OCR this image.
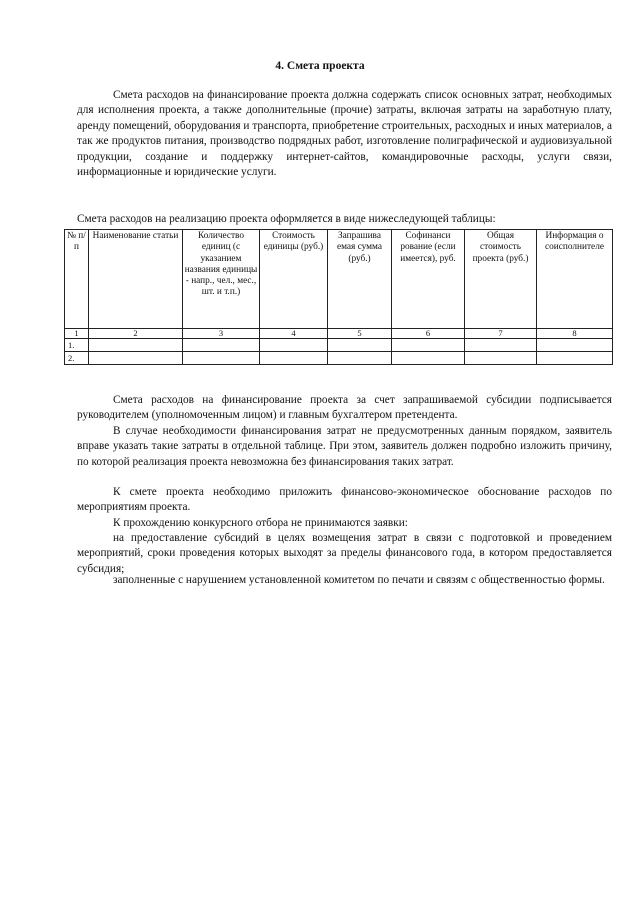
4. Смета проекта

Смета расходов на финансирование проекта должна содержать список основных затрат, необходимых для исполнения проекта, а также дополнительные (прочие) затраты, включая затраты на заработную плату, аренду помещений, оборудования и транспорта, приобретение строительных, расходных и иных материалов, а так же продуктов питания, производство подрядных работ, изготовление полиграфической и аудиовизуальной продукции, создание и поддержку интернет-сайтов, командировочные расходы, услуги связи, информационные и юридические услуги.

Смета расходов на реализацию проекта оформляется в виде нижеследующей таблицы:
№ п/п	Наименование статьи	Количество единиц (с указанием названия единицы - напр., чел., мес., шт. и т.п.)	Стоимость единицы (руб.)	Запрашива емая сумма (руб.)	Софинанси рование (если имеется), руб.	Общая стоимость проекта (руб.)	Информация о соисполнителе
1	2	3	4	5	6	7	8
1.							
2.							

Смета расходов на финансирование проекта за счет запрашиваемой субсидии подписывается руководителем (уполномоченным лицом) и главным бухгалтером претендента.

В случае необходимости финансирования затрат не предусмотренных данным порядком, заявитель вправе указать такие затраты в отдельной таблице. При этом, заявитель должен подробно изложить причину, по которой реализация проекта невозможна без финансирования таких затрат.

К смете проекта необходимо приложить финансово-экономическое обоснование расходов по мероприятиям проекта.

К прохождению конкурсного отбора не принимаются заявки:

на предоставление субсидий в целях возмещения затрат в связи с подготовкой и проведением мероприятий, сроки проведения которых выходят за пределы финансового года, в котором предоставляется субсидия;

заполненные с нарушением установленной комитетом по печати и связям с общественностью формы.
